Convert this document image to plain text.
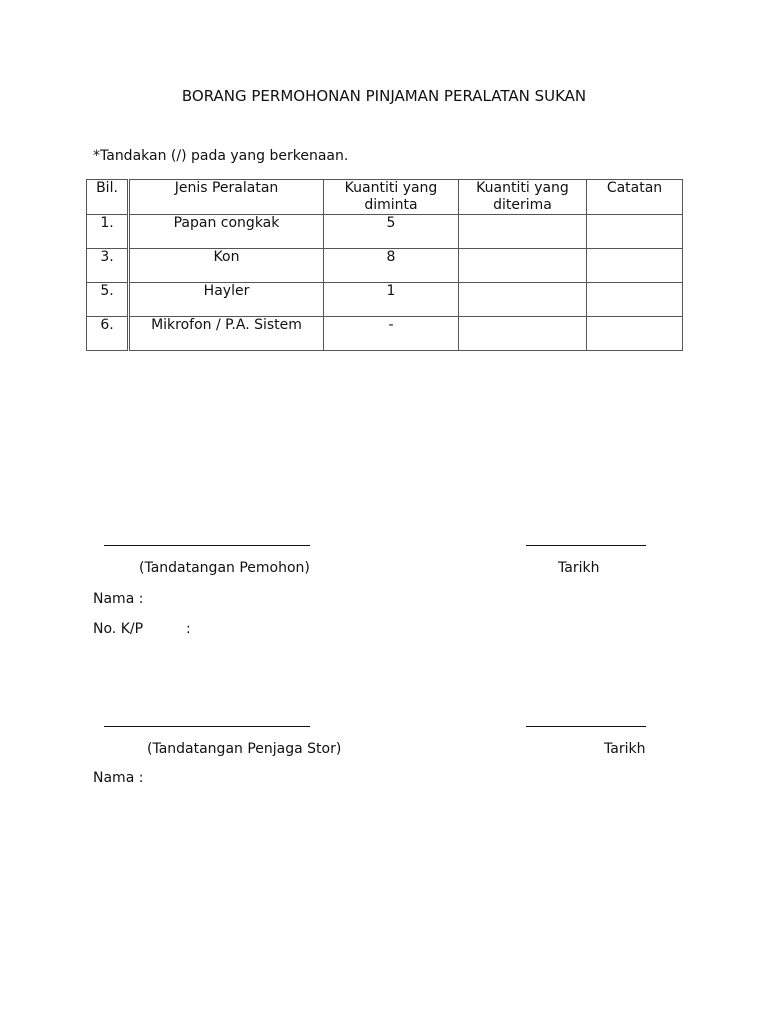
BORANG PERMOHONAN PINJAMAN PERALATAN SUKAN
*Tandakan (/) pada yang berkenaan.
Bil.	Jenis Peralatan	Kuantiti yang diminta	Kuantiti yang diterima	Catatan
1.	Papan congkak	5		
3.	Kon	8		
5.	Hayler	1		
6.	Mikrofon / P.A. Sistem	-		
(Tandatangan Pemohon)	Tarikh
Nama :
No. K/P	:
(Tandatangan Penjaga Stor)	Tarikh
Nama :
